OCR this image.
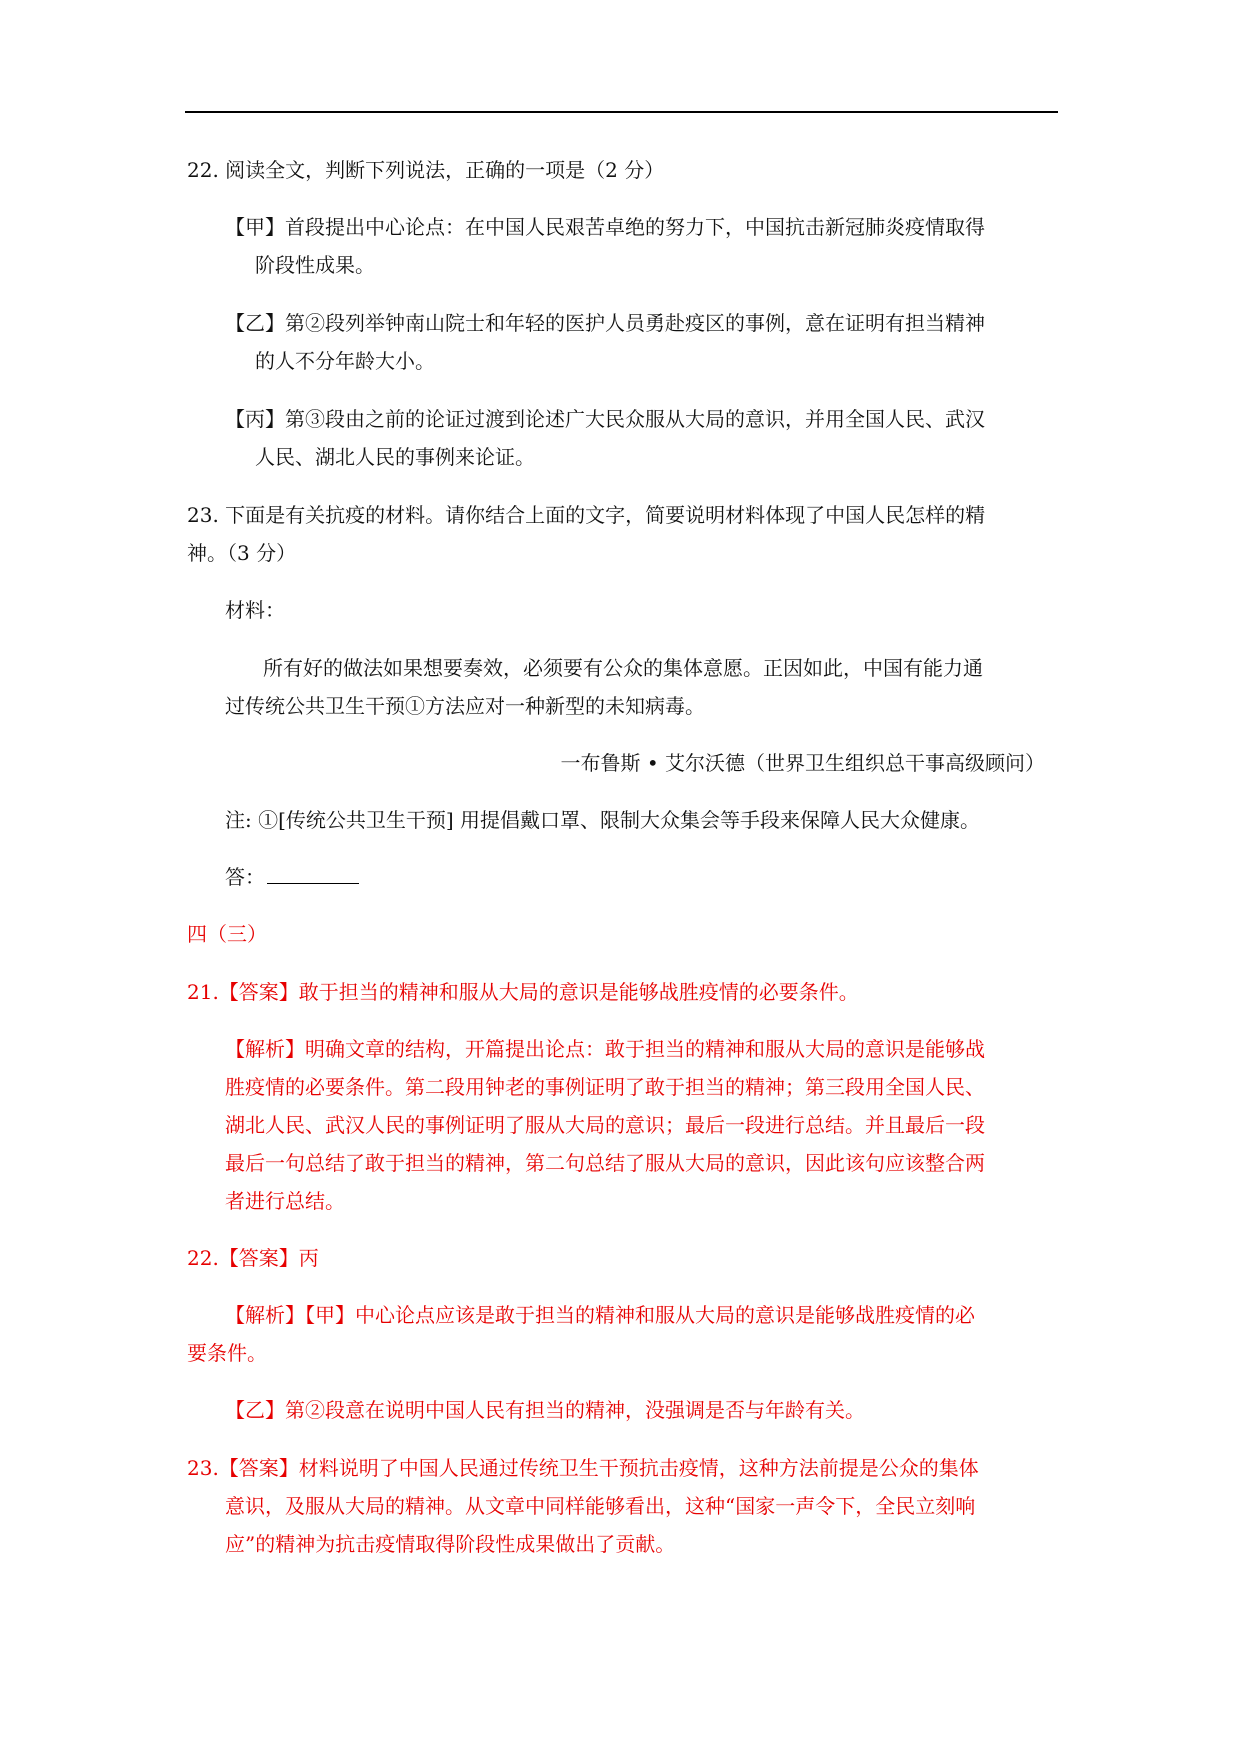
22. 阅读全文，判断下列说法，正确的一项是（2 分）
【甲】首段提出中心论点：在中国人民艰苦卓绝的努力下，中国抗击新冠肺炎疫情取得
阶段性成果。
【乙】第②段列举钟南山院士和年轻的医护人员勇赴疫区的事例，意在证明有担当精神
的人不分年龄大小。
【丙】第③段由之前的论证过渡到论述广大民众服从大局的意识，并用全国人民、武汉
人民、湖北人民的事例来论证。
23. 下面是有关抗疫的材料。请你结合上面的文字，简要说明材料体现了中国人民怎样的精
神。（3 分）
材料：
所有好的做法如果想要奏效，必须要有公众的集体意愿。正因如此，中国有能力通
过传统公共卫生干预①方法应对一种新型的未知病毒。
一布鲁斯 • 艾尔沃德（世界卫生组织总干事高级顾问）
注: ①[传统公共卫生干预] 用提倡戴口罩、限制大众集会等手段来保障人民大众健康。
答：
四（三）
21.【答案】敢于担当的精神和服从大局的意识是能够战胜疫情的必要条件。
【解析】明确文章的结构，开篇提出论点：敢于担当的精神和服从大局的意识是能够战
胜疫情的必要条件。第二段用钟老的事例证明了敢于担当的精神；第三段用全国人民、
湖北人民、武汉人民的事例证明了服从大局的意识；最后一段进行总结。并且最后一段
最后一句总结了敢于担当的精神，第二句总结了服从大局的意识，因此该句应该整合两
者进行总结。
22.【答案】丙
【解析】【甲】中心论点应该是敢于担当的精神和服从大局的意识是能够战胜疫情的必
要条件。
【乙】第②段意在说明中国人民有担当的精神，没强调是否与年龄有关。
23.【答案】材料说明了中国人民通过传统卫生干预抗击疫情，这种方法前提是公众的集体
意识，及服从大局的精神。从文章中同样能够看出，这种“国家一声令下，全民立刻响
应”的精神为抗击疫情取得阶段性成果做出了贡献。
